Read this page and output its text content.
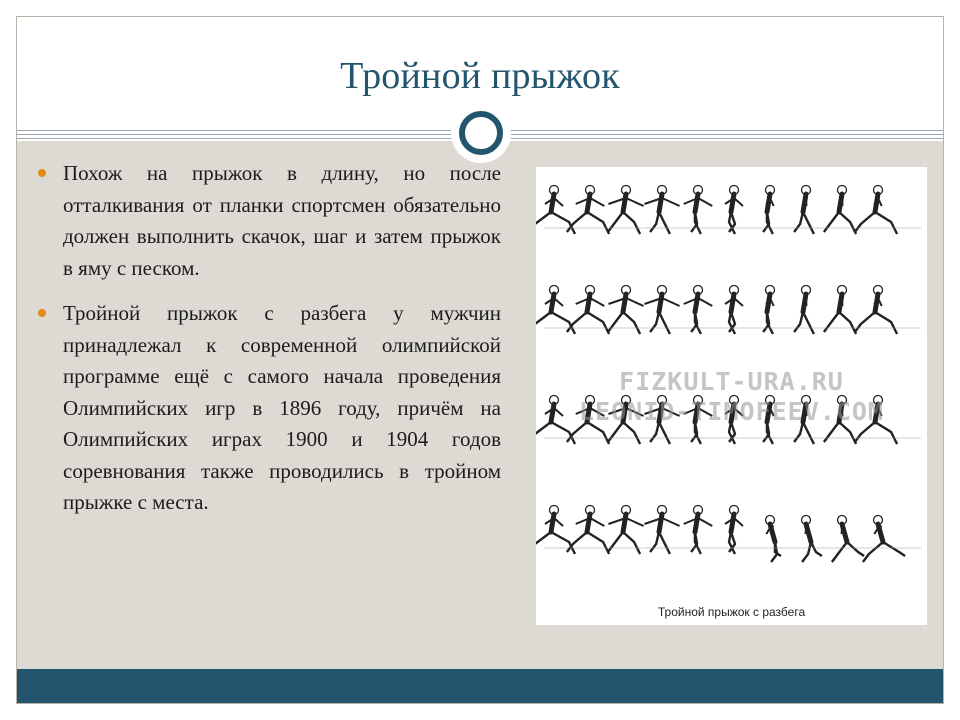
Тройной прыжок
Похож на прыжок в длину, но после отталкивания от планки спортсмен обязательно должен выполнить скачок, шаг и затем прыжок в яму с песком.
Тройной прыжок с разбега у мужчин принадлежал к современной олимпийской программе ещё с самого начала проведения Олимпийских игр в 1896 году, причём на Олимпийских играх 1900 и 1904 годов соревнования также проводились в тройном прыжке с места.
FIZKULT-URA.RU
LEONID-TIMOFEEV.COM
Тройной прыжок с разбега
